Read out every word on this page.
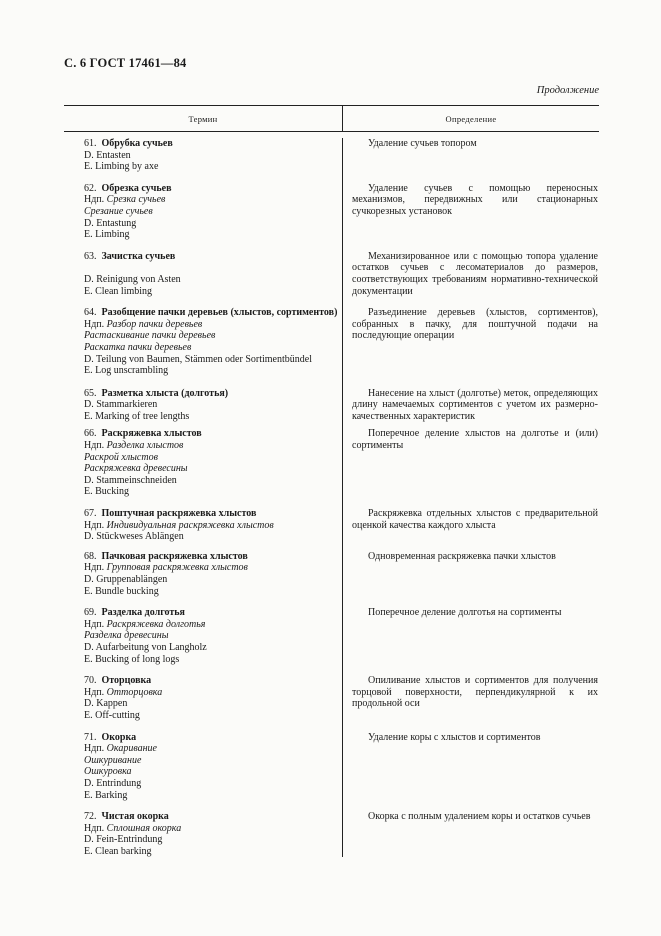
С. 6 ГОСТ 17461—84
Продолжение
Термин	Определение
61. Обрубка сучьев
D. Entasten
E. Limbing by axe
Удаление сучьев топором
62. Обрезка сучьев
Ндп. Срезка сучьев
Срезание сучьев
D. Entastung
E. Limbing
Удаление сучьев с помощью переносных механизмов, передвижных или стационарных сучкорезных установок
63. Зачистка сучьев
D. Reinigung von Asten
E. Clean limbing
Механизированное или с помощью топора удаление остатков сучьев с лесоматериалов до размеров, соответствующих требованиям нормативно-технической документации
64. Разобщение пачки деревьев (хлыстов, сортиментов)
Ндп. Разбор пачки деревьев
Растаскивание пачки деревьев
Раскатка пачки деревьев
D. Teilung von Baumen, Stämmen oder Sortimentbündel
E. Log unscrambling
Разъединение деревьев (хлыстов, сортиментов), собранных в пачку, для поштучной подачи на последующие операции
65. Разметка хлыста (долготья)
D. Stammarkieren
E. Marking of tree lengths
Нанесение на хлыст (долготье) меток, определяющих длину намечаемых сортиментов с учетом их размерно-качественных характеристик
66. Раскряжевка хлыстов
Ндп. Разделка хлыстов
Раскрой хлыстов
Раскряжевка древесины
D. Stammeinschneiden
E. Bucking
Поперечное деление хлыстов на долготье и (или) сортименты
67. Поштучная раскряжевка хлыстов
Ндп. Индивидуальная раскряжевка хлыстов
D. Stückweses Ablängen
Раскряжевка отдельных хлыстов с предварительной оценкой качества каждого хлыста
68. Пачковая раскряжевка хлыстов
Ндп. Групповая раскряжевка хлыстов
D. Gruppenablängen
E. Bundle bucking
Одновременная раскряжевка пачки хлыстов
69. Разделка долготья
Ндп. Раскряжевка долготья
Разделка древесины
D. Aufarbeitung von Langholz
E. Bucking of long logs
Поперечное деление долготья на сортименты
70. Оторцовка
Ндп. Отторцовка
D. Kappen
E. Off-cutting
Опиливание хлыстов и сортиментов для получения торцовой поверхности, перпендикулярной к их продольной оси
71. Окорка
Ндп. Окаривание
Ошкуривание
Ошкуровка
D. Entrindung
E. Barking
Удаление коры с хлыстов и сортиментов
72. Чистая окорка
Ндп. Сплошная окорка
D. Fein-Entrindung
E. Clean barking
Окорка с полным удалением коры и остатков сучьев
